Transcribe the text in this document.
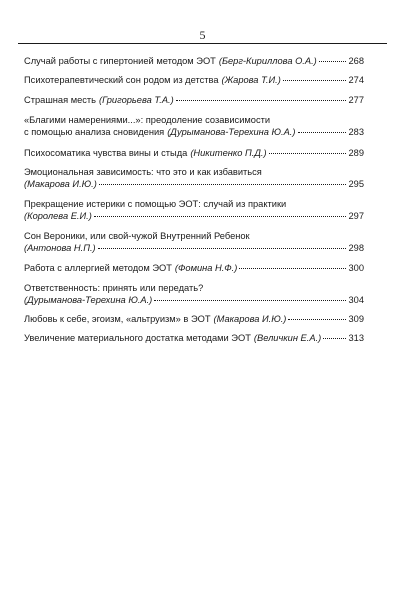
5
Случай работы с гипертонией методом ЭОТ (Берг-Кириллова О.А.)	268
Психотерапевтический сон родом из детства (Жарова Т.И.)	274
Страшная месть (Григорьева Т.А.)	277
«Благими намерениями...»: преодоление созависимости
с помощью анализа сновидения (Дурыманова-Терехина Ю.А.)	283
Психосоматика чувства вины и стыда (Никитенко П.Д.)	289
Эмоциональная зависимость: что это и как избавиться
(Макарова И.Ю.)	295
Прекращение истерики с помощью ЭОТ: случай из практики
(Королева Е.И.)	297
Сон Вероники, или свой-чужой Внутренний Ребенок
(Антонова Н.П.)	298
Работа с аллергией методом ЭОТ (Фомина Н.Ф.)	300
Ответственность: принять или передать?
(Дурыманова-Терехина Ю.А.)	304
Любовь к себе, эгоизм, «альтруизм» в ЭОТ (Макарова И.Ю.)	309
Увеличение материального достатка методами ЭОТ (Величкин Е.А.)	313
